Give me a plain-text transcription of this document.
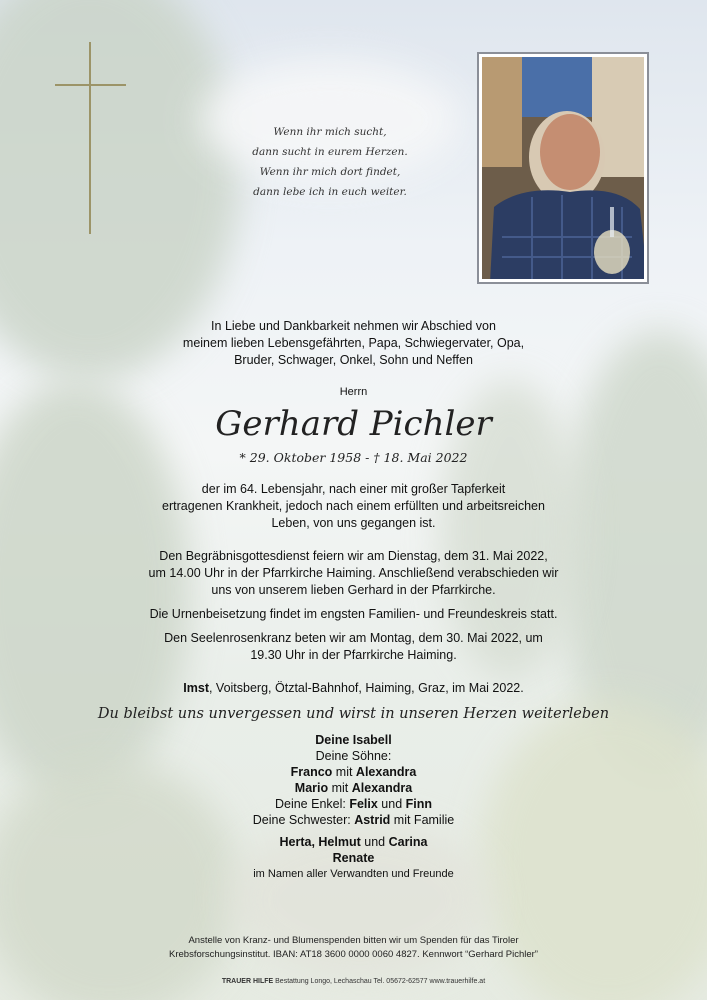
Wenn ihr mich sucht,
dann sucht in eurem Herzen.
Wenn ihr mich dort findet,
dann lebe ich in euch weiter.
In Liebe und Dankbarkeit nehmen wir Abschied von
meinem lieben Lebensgefährten, Papa, Schwiegervater, Opa,
Bruder, Schwager, Onkel, Sohn und Neffen
Herrn
Gerhard Pichler
* 29. Oktober 1958 - † 18. Mai 2022
der im 64. Lebensjahr, nach einer mit großer Tapferkeit
ertragenen Krankheit, jedoch nach einem erfüllten und arbeitsreichen
Leben, von uns gegangen ist.
Den Begräbnisgottesdienst feiern wir am Dienstag, dem 31. Mai 2022,
um 14.00 Uhr in der Pfarrkirche Haiming. Anschließend verabschieden wir
uns von unserem lieben Gerhard in der Pfarrkirche.
Die Urnenbeisetzung findet im engsten Familien- und Freundeskreis statt.
Den Seelenrosenkranz beten wir am Montag, dem 30. Mai 2022, um
19.30 Uhr in der Pfarrkirche Haiming.
Imst, Voitsberg, Ötztal-Bahnhof, Haiming, Graz, im Mai 2022.
Du bleibst uns unvergessen und wirst in unseren Herzen weiterleben
Deine Isabell
Deine Söhne:
Franco mit Alexandra
Mario mit Alexandra
Deine Enkel: Felix und Finn
Deine Schwester: Astrid mit Familie
Herta, Helmut und Carina
Renate
im Namen aller Verwandten und Freunde
Anstelle von Kranz- und Blumenspenden bitten wir um Spenden für das Tiroler
Krebsforschungsinstitut. IBAN: AT18 3600 0000 0060 4827. Kennwort “Gerhard Pichler”
TRAUER HILFE Bestattung Longo, Lechaschau Tel. 05672-62577 www.trauerhilfe.at
